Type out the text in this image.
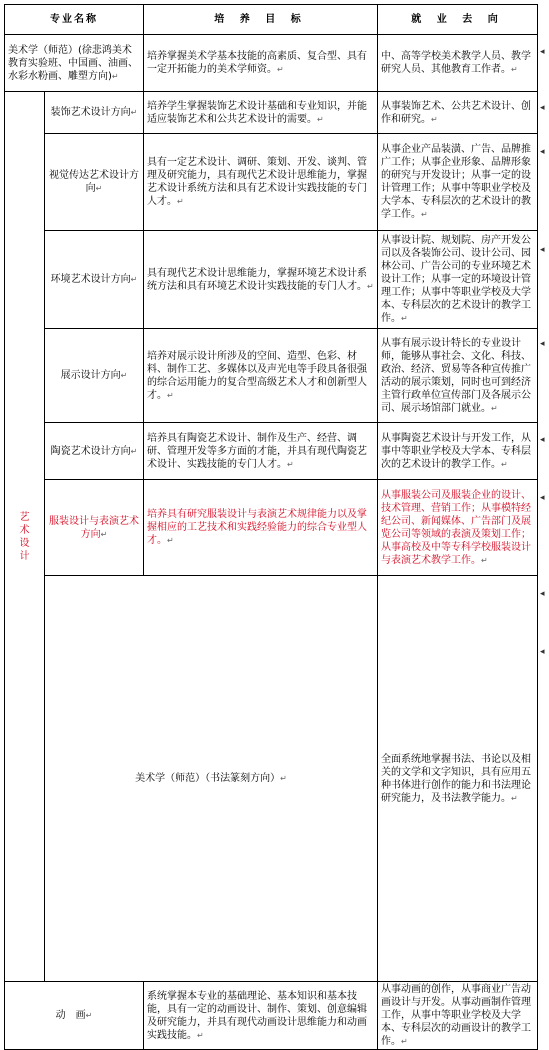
专业名称		培 养 目 标	就 业 去 向	
美术学（师范）(徐悲鸿美术教育实验班、中国画、油画、水彩水粉画、雕塑方向)↵		培养掌握美术学基本技能的高素质、复合型、具有一定开拓能力的美术学师资。↵	中、高等学校美术教学人员、教学研究人员、其他教育工作者。↵	

艺
术
设
计	装饰艺术设计方向↵	培养学生掌握装饰艺术设计基础和专业知识，并能适应装饰艺术和公共艺术设计的需要。↵	从事装饰艺术、公共艺术设计、创作和研究。↵	
	视觉传达艺术设计方向↵	具有一定艺术设计、调研、策划、开发、谈判、管理及研究能力，具有现代艺术设计思维能力，掌握艺术设计系统方法和具有艺术设计实践技能的专门人才。↵	从事企业产品装潢、广告、品牌推广工作；从事企业形象、品牌形象的研究与开发设计；从事一定的设计管理工作；从事中等职业学校及大学本、专科层次的艺术设计的教学工作。↵	
	环境艺术设计方向↵	具有现代艺术设计思维能力，掌握环境艺术设计系统方法和具有环境艺术设计实践技能的专门人才。↵	从事设计院、规划院、房产开发公司以及各装饰公司、设计公司、园林公司、广告公司的专业环境艺术设计工作；从事一定的环境设计管理工作；从事中等职业学校及大学本、专科层次的艺术设计的教学工作。↵	
	展示设计方向↵	培养对展示设计所涉及的空间、造型、色彩、材料、制作工艺、多媒体以及声光电等手段具备很强的综合运用能力的复合型高级艺术人才和创新型人才。↵	从事有展示设计特长的专业设计师，能够从事社会、文化、科技、政治、经济、贸易等各种宣传推广活动的展示策划，同时也可到经济主管行政单位宣传部门及各展示公司、展示场馆部门就业。↵	
	陶瓷艺术设计方向↵	培养具有陶瓷艺术设计、制作及生产、经营、调研、管理开发等多方面的才能，并具有现代陶瓷艺术设计、实践技能的专门人才。↵	从事陶瓷艺术设计与开发工作，从事中等职业学校及大学本、专科层次的艺术设计的教学工作。↵	
	服装设计与表演艺术方向↵	培养具有研究服装设计与表演艺术规律能力以及掌握相应的工艺技术和实践经验能力的综合专业型人才。↵	从事服装公司及服装企业的设计、技术管理、营销工作；从事模特经纪公司、新闻媒体、广告部门及展览公司等领域的表演及策划工作；从事高校及中等专科学校服装设计与表演艺术教学工作。↵	
	美术学（师范）（书法篆刻方向）↵		全面系统地掌握书法、书论以及相关的文学和文字知识，具有应用五种书体进行创作的能力和书法理论研究能力，及书法教学能力。↵	
动　画↵		系统掌握本专业的基础理论、基本知识和基本技能，具有一定的动画设计、制作、策划、创意编辑及研究能力，并具有现代动画设计思维能力和动画实践技能。↵	从事动画的创作，从事商业广告动画设计与开发。从事动画制作管理工作，从事中等职业学校及大学本、专科层次的动画设计的教学工作。↵	
◂
◂
◂
◂
◂
◂
◂
◂
◂
